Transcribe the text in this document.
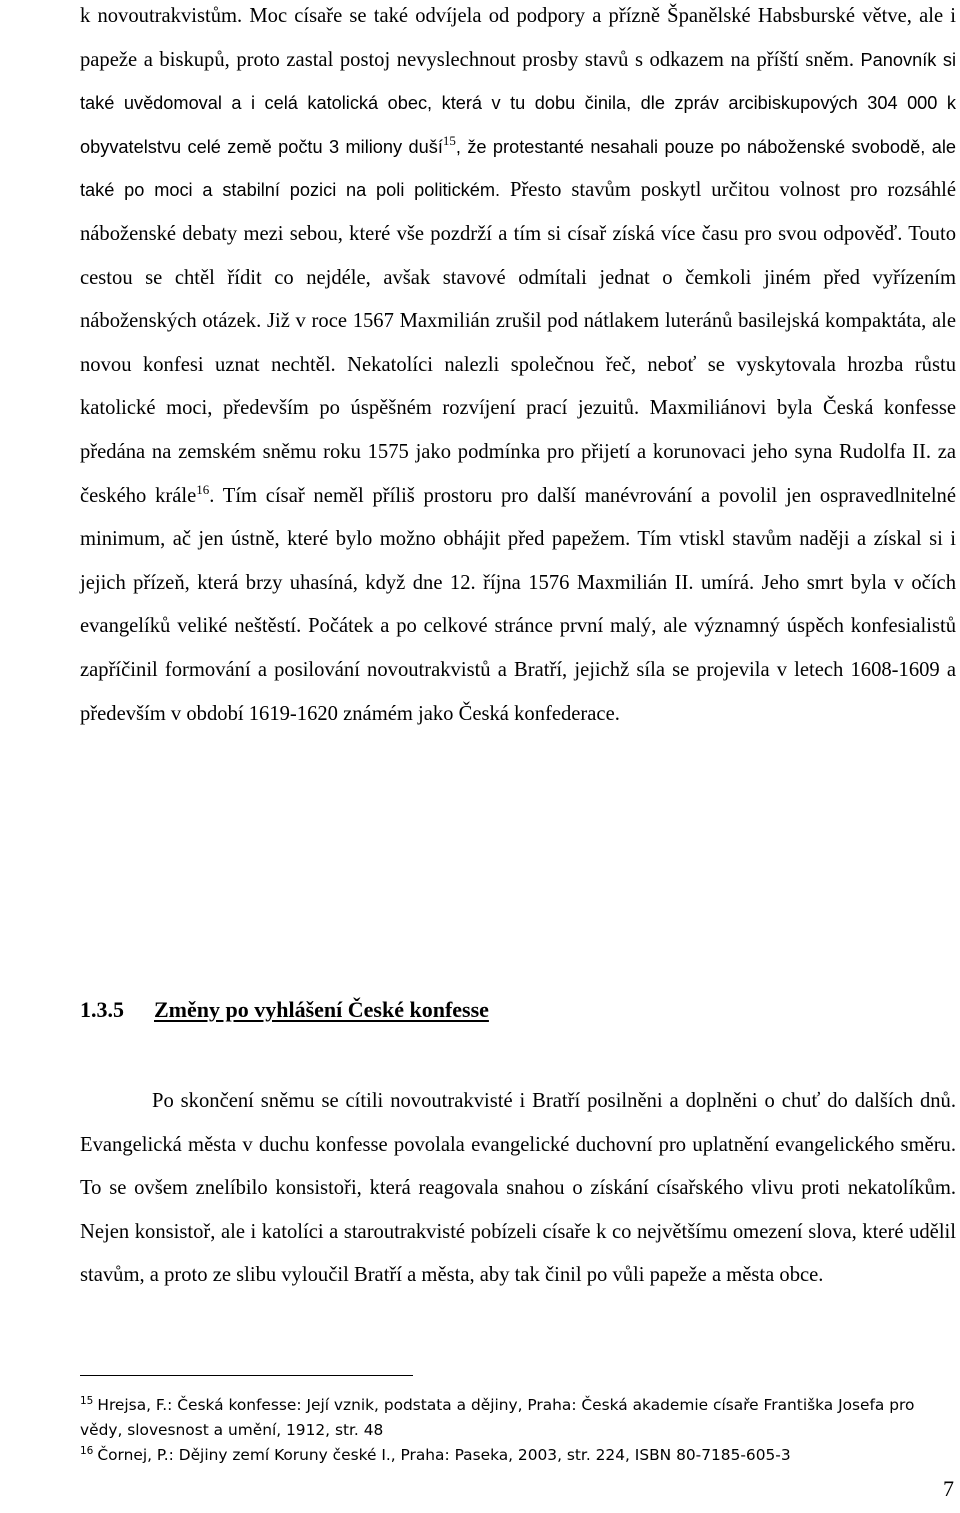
k novoutrakvistům. Moc císaře se také odvíjela od podpory a přízně Španělské Habsburské větve, ale i papeže a biskupů, proto zastal postoj nevyslechnout prosby stavů s odkazem na příští sněm. Panovník si také uvědomoval a i celá katolická obec, která v tu dobu činila, dle zpráv arcibiskupových 304 000 k obyvatelstvu celé země počtu 3 miliony duší$^{15}$, že protestanté nesahali pouze po náboženské svobodě, ale také po moci a stabilní pozici na poli politickém. Přesto stavům poskytl určitou volnost pro rozsáhlé náboženské debaty mezi sebou, které vše pozdrží a tím si císař získá více času pro svou odpověď. Touto cestou se chtěl řídit co nejdéle, avšak stavové odmítali jednat o čemkoli jiném před vyřízením náboženských otázek. Již v roce 1567 Maxmilián zrušil pod nátlakem luteránů basilejská kompaktáta, ale novou konfesi uznat nechtěl. Nekatolíci nalezli společnou řeč, neboť se vyskytovala hrozba růstu katolické moci, především po úspěšném rozvíjení prací jezuitů. Maxmiliánovi byla Česká konfesse předána na zemském sněmu roku 1575 jako podmínka pro přijetí a korunovaci jeho syna Rudolfa II. za českého krále$^{16}$. Tím císař neměl příliš prostoru pro další manévrování a povolil jen ospravedlnitelné minimum, ač jen ústně, které bylo možno obhájit před papežem. Tím vtiskl stavům naději a získal si i jejich přízeň, která brzy uhasíná, když dne 12. října 1576 Maxmilián II. umírá. Jeho smrt byla v očích evangelíků veliké neštěstí. Počátek a po celkové stránce první malý, ale významný úspěch konfesialistů zapříčinil formování a posilování novoutrakvistů a Bratří, jejichž síla se projevila v letech 1608-1609 a především v období 1619-1620 známém jako Česká konfederace.

1.3.5 Změny po vyhlášení České konfesse

Po skončení sněmu se cítili novoutrakvisté i Bratří posilněni a doplněni o chuť do dalších dnů. Evangelická města v duchu konfesse povolala evangelické duchovní pro uplatnění evangelického směru. To se ovšem znelíbilo konsistoři, která reagovala snahou o získání císařského vlivu proti nekatolíkům. Nejen konsistoř, ale i katolíci a staroutrakvisté pobízeli císaře k co největšímu omezení slova, které udělil stavům, a proto ze slibu vyloučil Bratří a města, aby tak činil po vůli papeže a města obce.

$^{15}$ Hrejsa, F.: Česká konfesse: Její vznik, podstata a dějiny, Praha: Česká akademie císaře Františka Josefa pro vědy, slovesnost a umění, 1912, str. 48

$^{16}$ Čornej, P.: Dějiny zemí Koruny české I., Praha: Paseka, 2003, str. 224, ISBN 80-7185-605-3

7
